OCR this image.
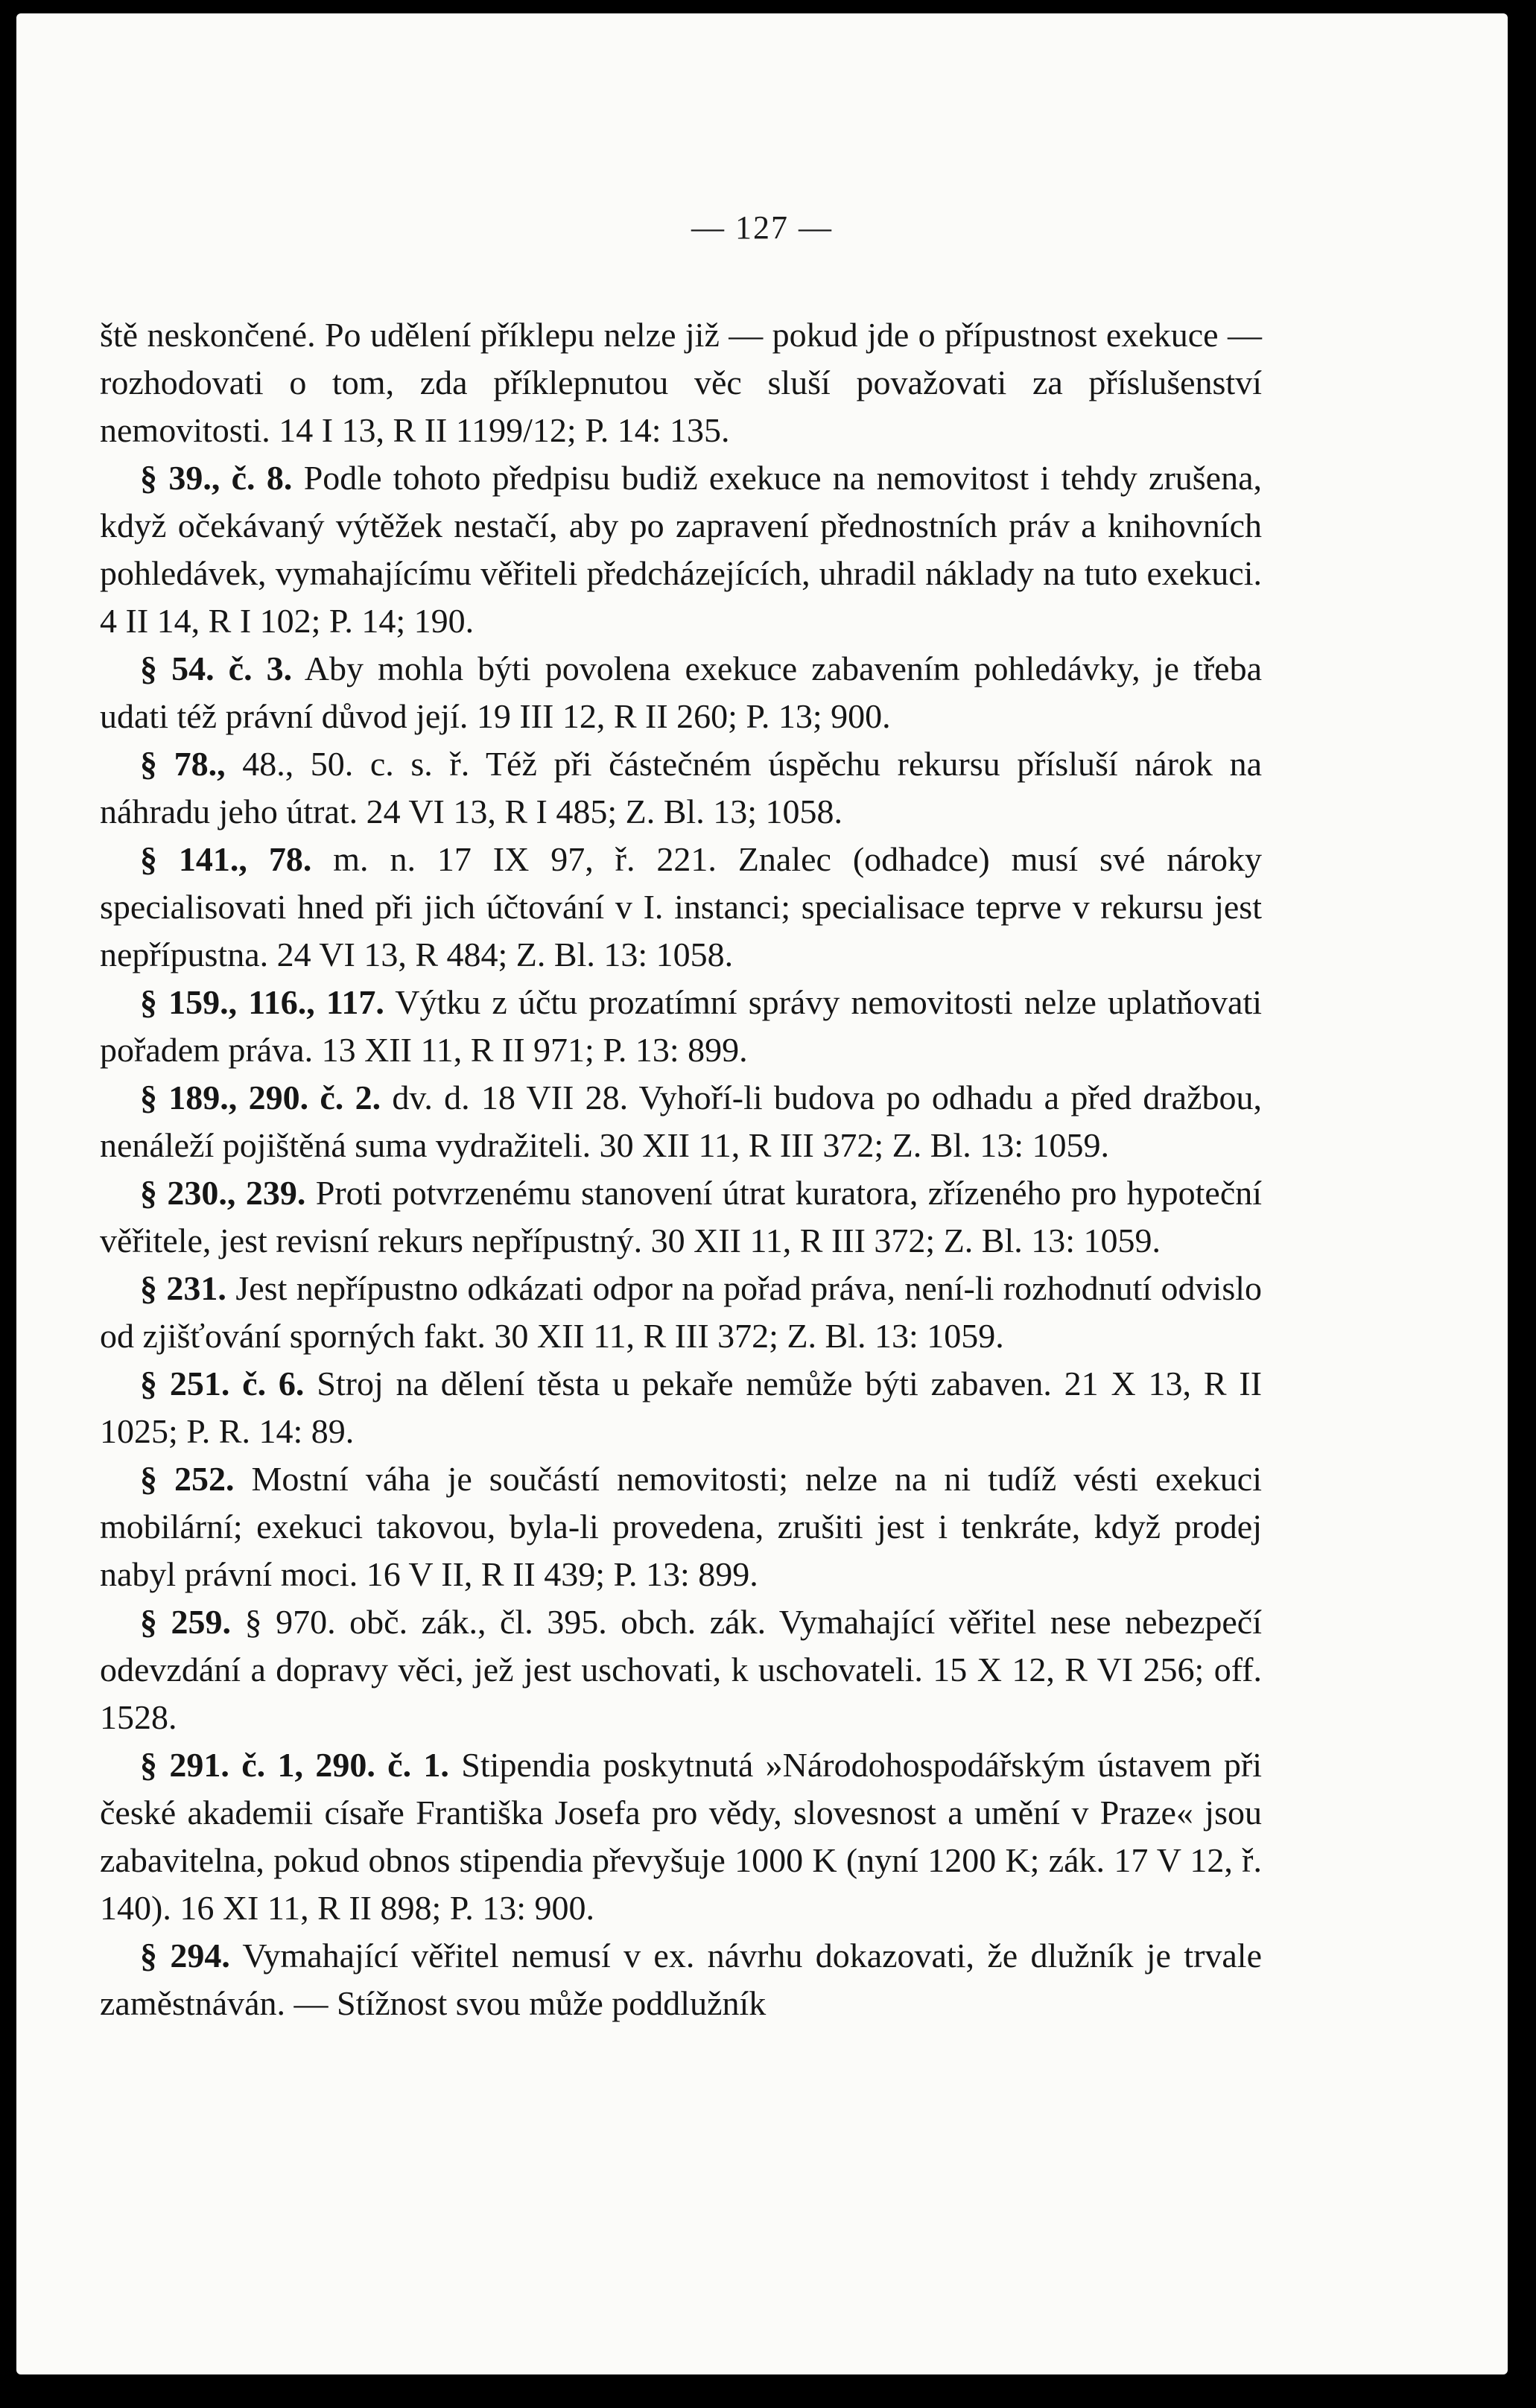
— 127 —

ště neskončené. Po udělení příklepu nelze již — pokud jde o přípustnost exekuce — rozhodovati o tom, zda příklepnutou věc sluší považovati za příslušenství nemovitosti. 14 I 13, R II 1199/12; P. 14: 135.

§ 39., č. 8. Podle tohoto předpisu budiž exekuce na nemovitost i tehdy zrušena, když očekávaný výtěžek nestačí, aby po zapravení přednostních práv a knihovních pohledávek, vymahajícímu věřiteli předcházejících, uhradil náklady na tuto exekuci. 4 II 14, R I 102; P. 14; 190.

§ 54. č. 3. Aby mohla býti povolena exekuce zabavením pohledávky, je třeba udati též právní důvod její. 19 III 12, R II 260; P. 13; 900.

§ 78., 48., 50. c. s. ř. Též při částečném úspěchu rekursu přísluší nárok na náhradu jeho útrat. 24 VI 13, R I 485; Z. Bl. 13; 1058.

§ 141., 78. m. n. 17 IX 97, ř. 221. Znalec (odhadce) musí své nároky specialisovati hned při jich účtování v I. instanci; specialisace teprve v rekursu jest nepřípustna. 24 VI 13, R 484; Z. Bl. 13: 1058.

§ 159., 116., 117. Výtku z účtu prozatímní správy nemovitosti nelze uplatňovati pořadem práva. 13 XII 11, R II 971; P. 13: 899.

§ 189., 290. č. 2. dv. d. 18 VII 28. Vyhoří-li budova po odhadu a před dražbou, nenáleží pojištěná suma vydražiteli. 30 XII 11, R III 372; Z. Bl. 13: 1059.

§ 230., 239. Proti potvrzenému stanovení útrat kuratora, zřízeného pro hypoteční věřitele, jest revisní rekurs nepřípustný. 30 XII 11, R III 372; Z. Bl. 13: 1059.

§ 231. Jest nepřípustno odkázati odpor na pořad práva, není-li rozhodnutí odvislo od zjišťování sporných fakt. 30 XII 11, R III 372; Z. Bl. 13: 1059.

§ 251. č. 6. Stroj na dělení těsta u pekaře nemůže býti zabaven. 21 X 13, R II 1025; P. R. 14: 89.

§ 252. Mostní váha je součástí nemovitosti; nelze na ni tudíž vésti exekuci mobilární; exekuci takovou, byla-li provedena, zrušiti jest i tenkráte, když prodej nabyl právní moci. 16 V II, R II 439; P. 13: 899.

§ 259. § 970. obč. zák., čl. 395. obch. zák. Vymahající věřitel nese nebezpečí odevzdání a dopravy věci, jež jest uschovati, k uschovateli. 15 X 12, R VI 256; off. 1528.

§ 291. č. 1, 290. č. 1. Stipendia poskytnutá »Národohospodářským ústavem při české akademii císaře Františka Josefa pro vědy, slovesnost a umění v Praze« jsou zabavitelna, pokud obnos stipendia převyšuje 1000 K (nyní 1200 K; zák. 17 V 12, ř. 140). 16 XI 11, R II 898; P. 13: 900.

§ 294. Vymahající věřitel nemusí v ex. návrhu dokazovati, že dlužník je trvale zaměstnáván. — Stížnost svou může poddlužník
